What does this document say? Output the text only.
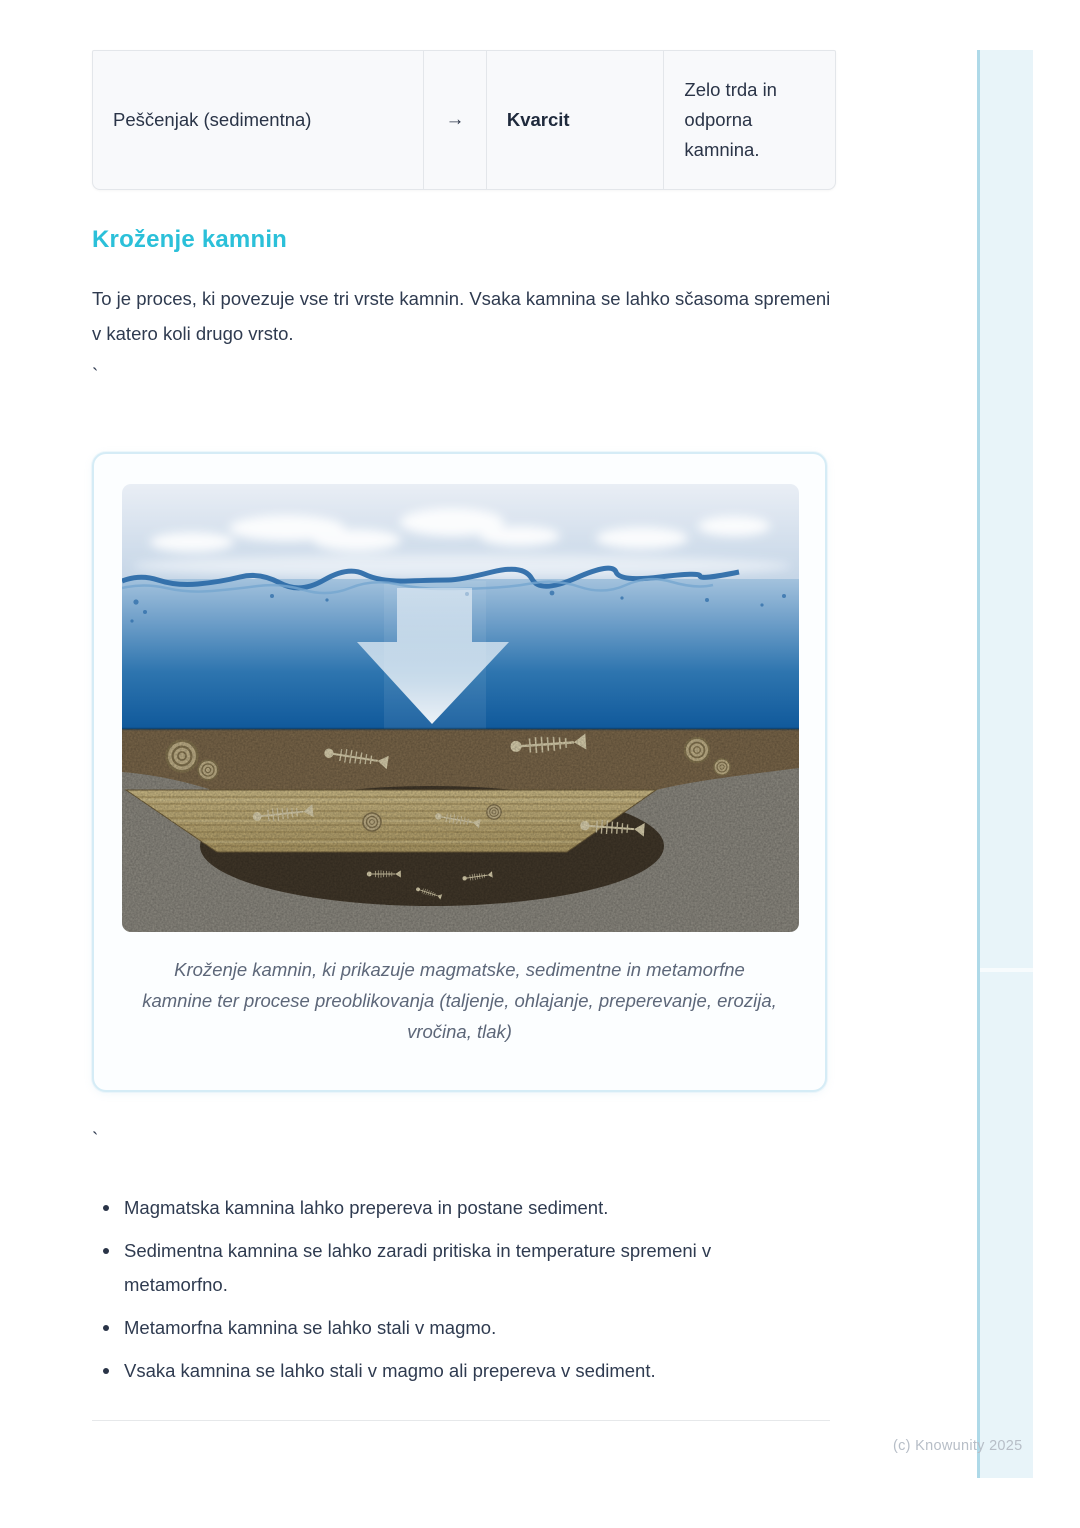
Peščenjak (sedimentna)	→	Kvarcit
Zelo trda in odporna kamnina.
Kroženje kamnin

To je proces, ki povezuje vse tri vrste kamnin. Vsaka kamnina se lahko sčasoma spremeni v katero koli drugo vrsto.

`
Kroženje kamnin, ki prikazuje magmatske, sedimentne in metamorfne kamnine ter procese preoblikovanja (taljenje, ohlajanje, preperevanje, erozija, vročina, tlak)
`
Magmatska kamnina lahko prepereva in postane sediment.
Sedimentna kamnina se lahko zaradi pritiska in temperature spremeni v metamorfno.
Metamorfna kamnina se lahko stali v magmo.
Vsaka kamnina se lahko stali v magmo ali prepereva v sediment.
(c) Knowunity 2025
